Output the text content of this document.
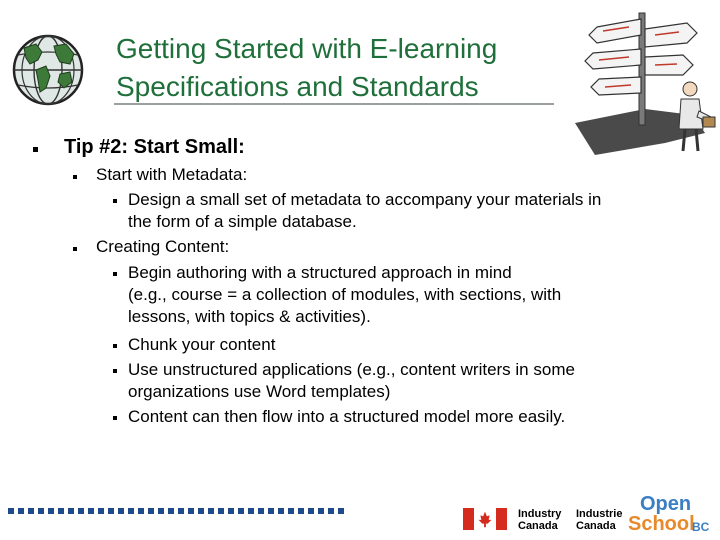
Getting Started with E-learning
Specifications and Standards
Tip #2: Start Small:
Start with Metadata:
Design a small set of metadata to accompany your materials in
the form of a simple database.
Creating Content:
Begin authoring with a structured approach in mind
(e.g., course = a collection of modules, with sections, with
lessons, with topics & activities).
Chunk your content
Use unstructured applications (e.g., content writers in some
organizations use Word templates)
Content can then flow into a structured model more easily.
Industry
Canada
Industrie
Canada
Open
School
BC
